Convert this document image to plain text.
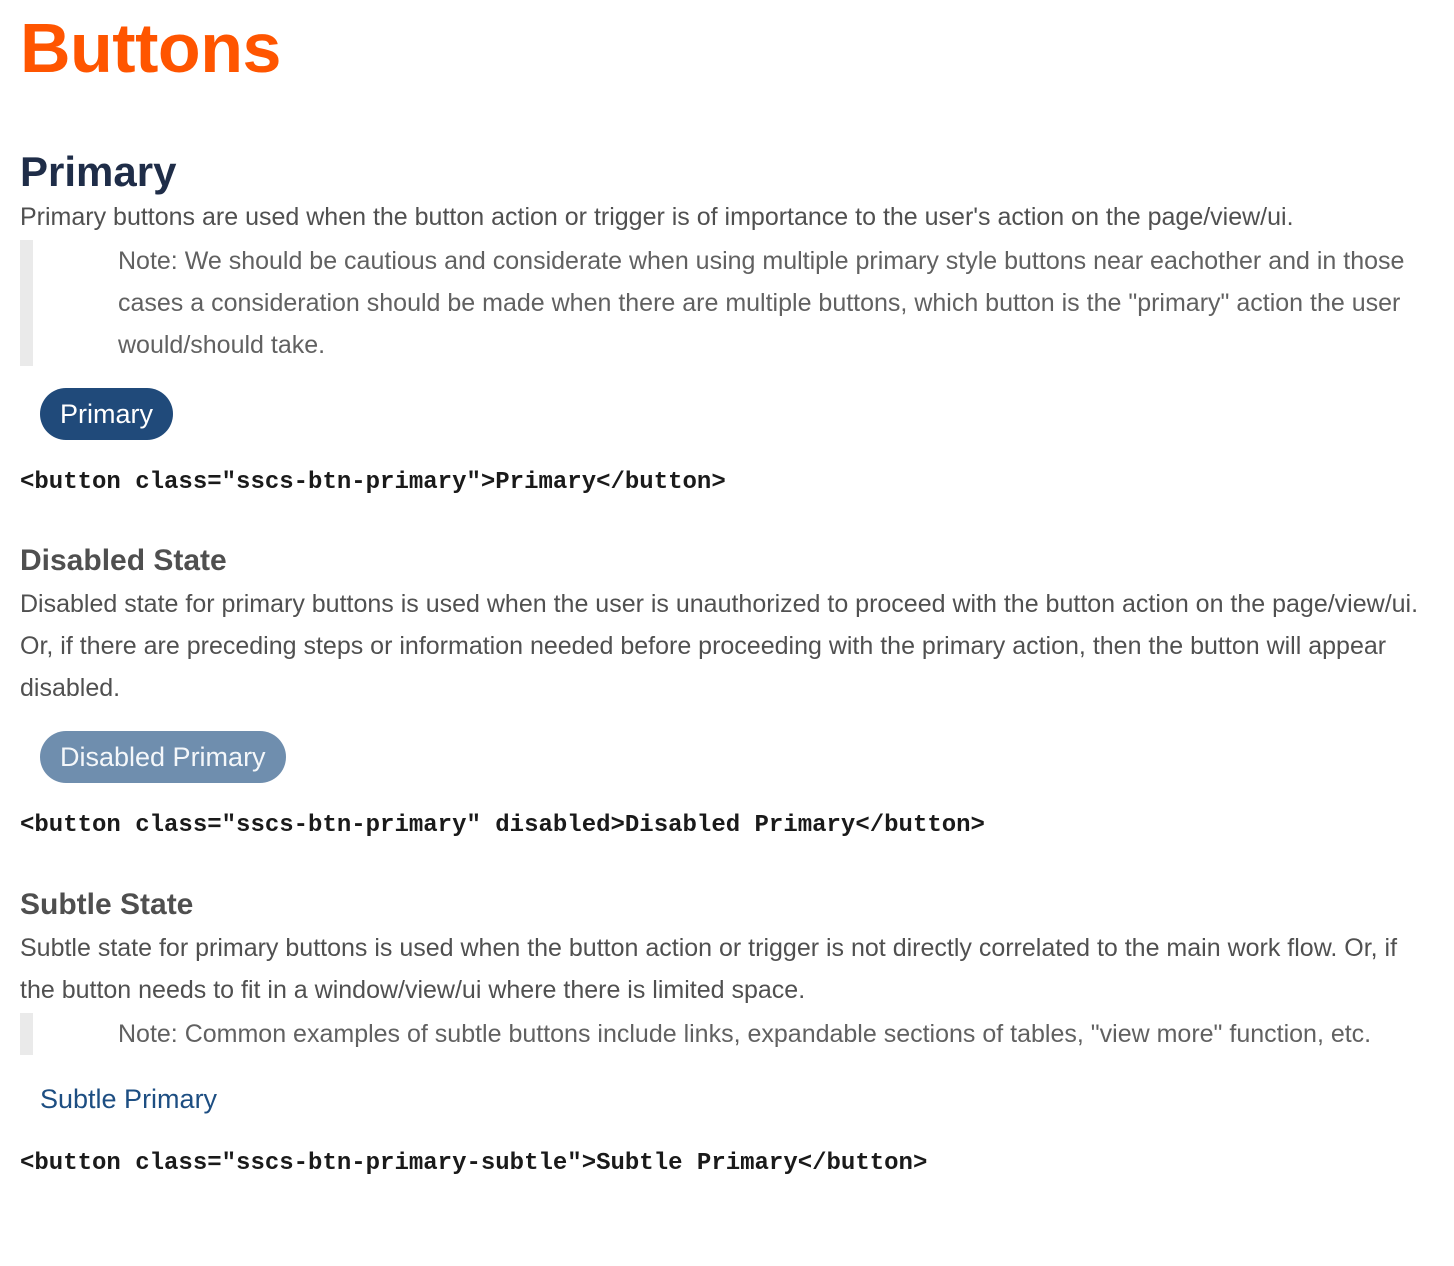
Buttons
Primary

Primary buttons are used when the button action or trigger is of importance to the user's action on the page/view/ui.

Note: We should be cautious and considerate when using multiple primary style buttons near eachother and in those cases a consideration should be made when there are multiple buttons, which button is the "primary" action the user would/should take.
Primary
<button class="sscs-btn-primary">Primary</button>
Disabled State

Disabled state for primary buttons is used when the user is unauthorized to proceed with the button action on the page/view/ui. Or, if there are preceding steps or information needed before proceeding with the primary action, then the button will appear disabled.

Disabled Primary
<button class="sscs-btn-primary" disabled>Disabled Primary</button>
Subtle State

Subtle state for primary buttons is used when the button action or trigger is not directly correlated to the main work flow. Or, if the button needs to fit in a window/view/ui where there is limited space.

Note: Common examples of subtle buttons include links, expandable sections of tables, "view more" function, etc.
Subtle Primary
<button class="sscs-btn-primary-subtle">Subtle Primary</button>
